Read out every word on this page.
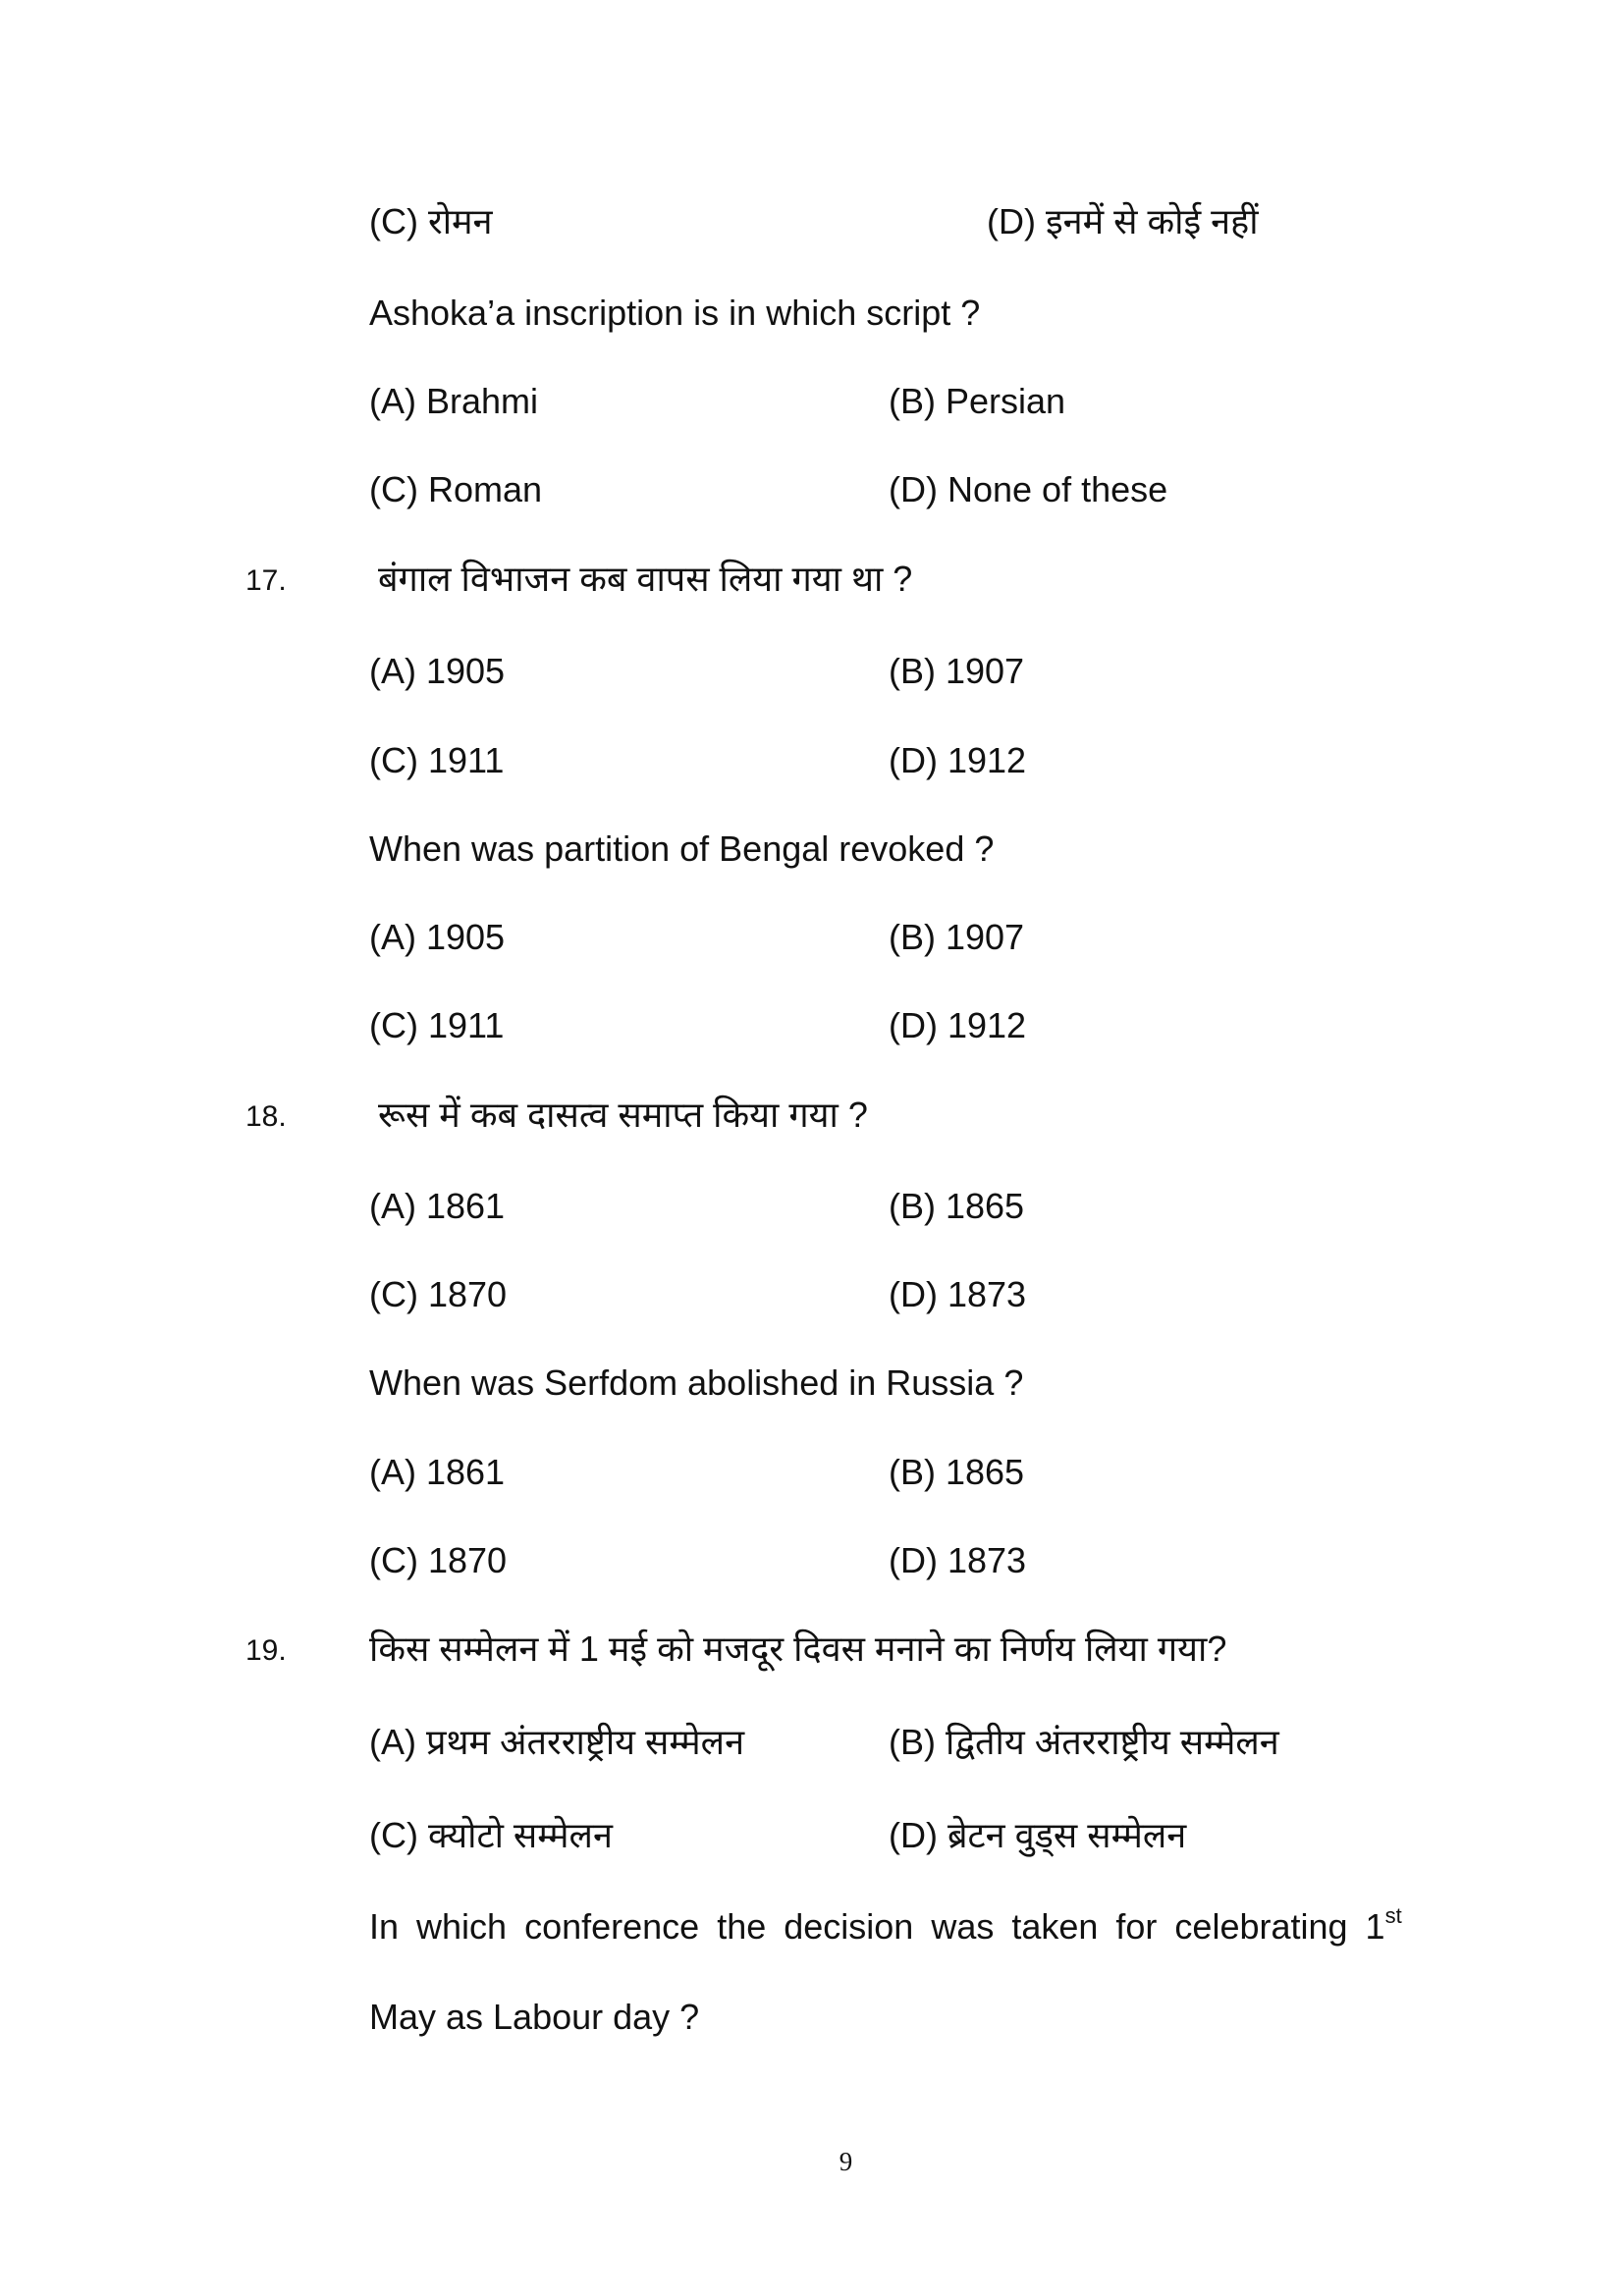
(C) रोमन	(D) इनमें से कोई नहीं
Ashoka’a inscription is in which script ?
(A) Brahmi	(B) Persian
(C) Roman	(D) None of these
17.	बंगाल विभाजन कब वापस लिया गया था ?
(A) 1905	(B) 1907
(C) 1911	(D) 1912
When was partition of Bengal revoked ?
(A) 1905	(B) 1907
(C) 1911	(D) 1912
18.	रूस में कब दासत्व समाप्त किया गया ?
(A) 1861	(B) 1865
(C) 1870	(D) 1873
When was Serfdom abolished in Russia ?
(A) 1861	(B) 1865
(C) 1870	(D) 1873
19. किस सम्मेलन में 1 मई को मजदूर दिवस मनाने का निर्णय लिया गया?
(A) प्रथम अंतरराष्ट्रीय सम्मेलन	(B) द्वितीय अंतरराष्ट्रीय सम्मेलन
(C) क्योटो सम्मेलन	(D) ब्रेटन वुड्स सम्मेलन
In which conference the decision was taken for celebrating 1st
May as Labour day ?
9
